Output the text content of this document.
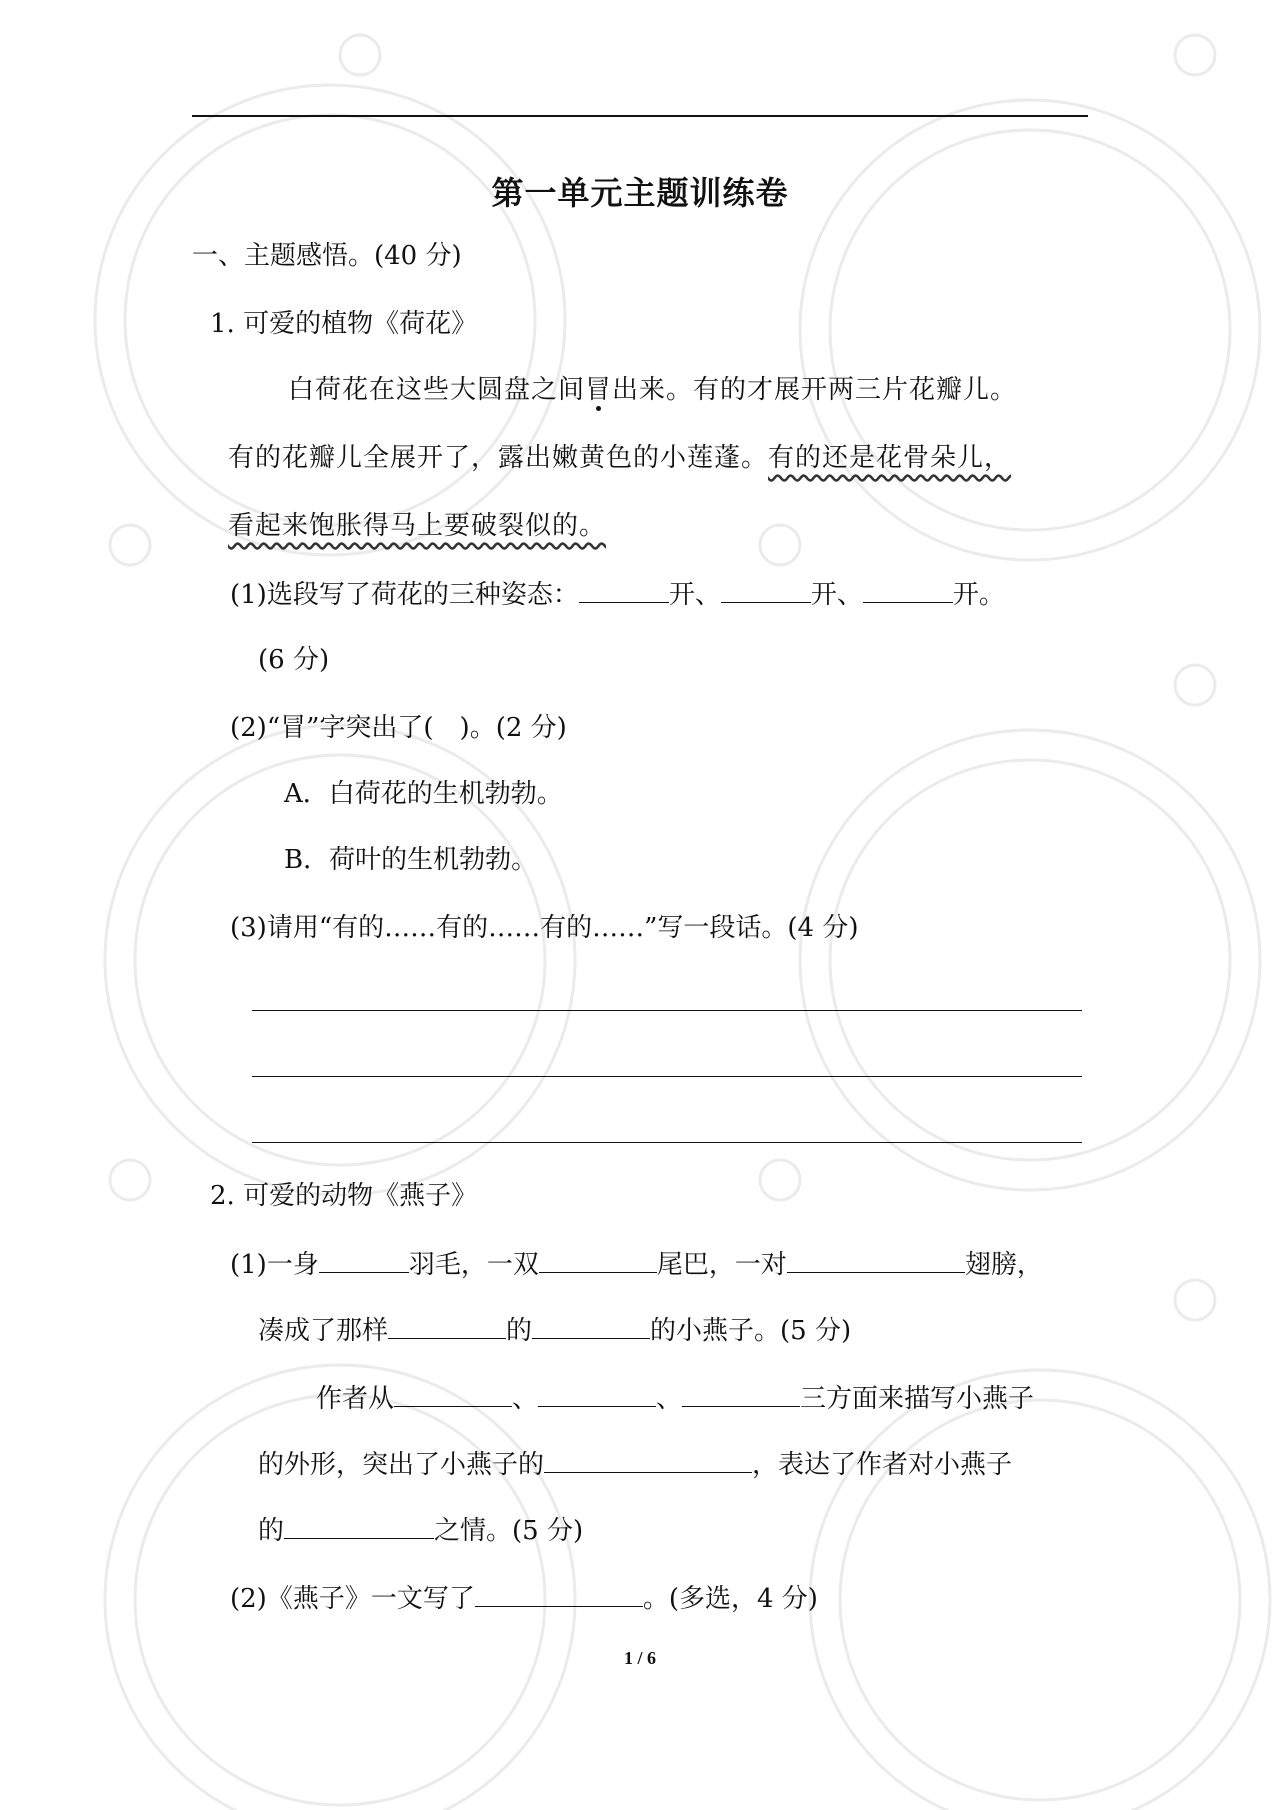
第一单元主题训练卷
一、主题感悟。(40 分)
1. 可爱的植物《荷花》
白荷花在这些大圆盘之间冒出来。有的才展开两三片花瓣儿。
有的花瓣儿全展开了，露出嫩黄色的小莲蓬。有的还是花骨朵儿，
看起来饱胀得马上要破裂似的。
(1)选段写了荷花的三种姿态：	开、	开、	开。
(6 分)
(2)“冒”字突出了(　)。(2 分)
A．白荷花的生机勃勃。
B．荷叶的生机勃勃。
(3)请用“有的……有的……有的……”写一段话。(4 分)
2. 可爱的动物《燕子》
(1)一身	羽毛，一双	尾巴，一对	翅膀，
凑成了那样	的	的小燕子。(5 分)
作者从	、	、	三方面来描写小燕子
的外形，突出了小燕子的	，表达了作者对小燕子
的	之情。(5 分)
(2)《燕子》一文写了	。(多选，4 分)
1 / 6
